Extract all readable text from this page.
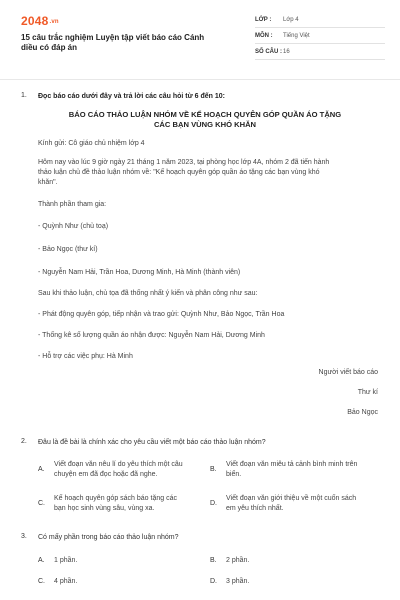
2048.vn
15 câu trắc nghiệm Luyện tập viết báo cáo Cánh diều có đáp án
LỚP :	Lớp 4
MÔN :	Tiếng Việt
SỐ CÂU : 16
1. Đọc báo cáo dưới đây và trả lời các câu hỏi từ 6 đến 10:
BÁO CÁO THẢO LUẬN NHÓM VỀ KẾ HOẠCH QUYÊN GÓP QUẦN ÁO TẶNG CÁC BẠN VÙNG KHÓ KHĂN
Kính gửi: Cô giáo chủ nhiệm lớp 4
Hôm nay vào lúc 9 giờ ngày 21 tháng 1 năm 2023, tại phòng học lớp 4A, nhóm 2 đã tiến hành
thảo luận chủ đề thảo luận nhóm về: "Kế hoạch quyên góp quần áo tặng các bạn vùng khó
khăn".
Thành phần tham gia:
- Quỳnh Như (chủ toạ)
- Bảo Ngọc (thư kí)
- Nguyễn Nam Hải, Trần Hoa, Dương Minh, Hà Minh (thành viên)
Sau khi thảo luận, chủ tọa đã thống nhất ý kiến và phân công như sau:
- Phát động quyên góp, tiếp nhận và trao gửi: Quỳnh Như, Bảo Ngọc, Trần Hoa
- Thống kê số lượng quần áo nhận được: Nguyễn Nam Hải, Dương Minh
- Hỗ trợ các việc phụ: Hà Minh
Người viết báo cáo
Thư kí
Bảo Ngọc
2. Đâu là đề bài là chính xác cho yêu cầu viết một báo cáo thảo luận nhóm?
A.
Viết đoạn văn nêu lí do yêu thích một câu
chuyện em đã đọc hoặc đã nghe.
B.
Viết đoạn văn miêu tả cảnh bình minh trên
biển.
C.
Kế hoạch quyên góp sách báo tặng các
bạn học sinh vùng sâu, vùng xa.
D.
Viết đoạn văn giới thiệu về một cuốn sách
em yêu thích nhất.
3. Có mấy phần trong báo cáo thảo luận nhóm?
A.	1 phần.	B.	2 phần.
C.	4 phần.	D.	3 phần.
